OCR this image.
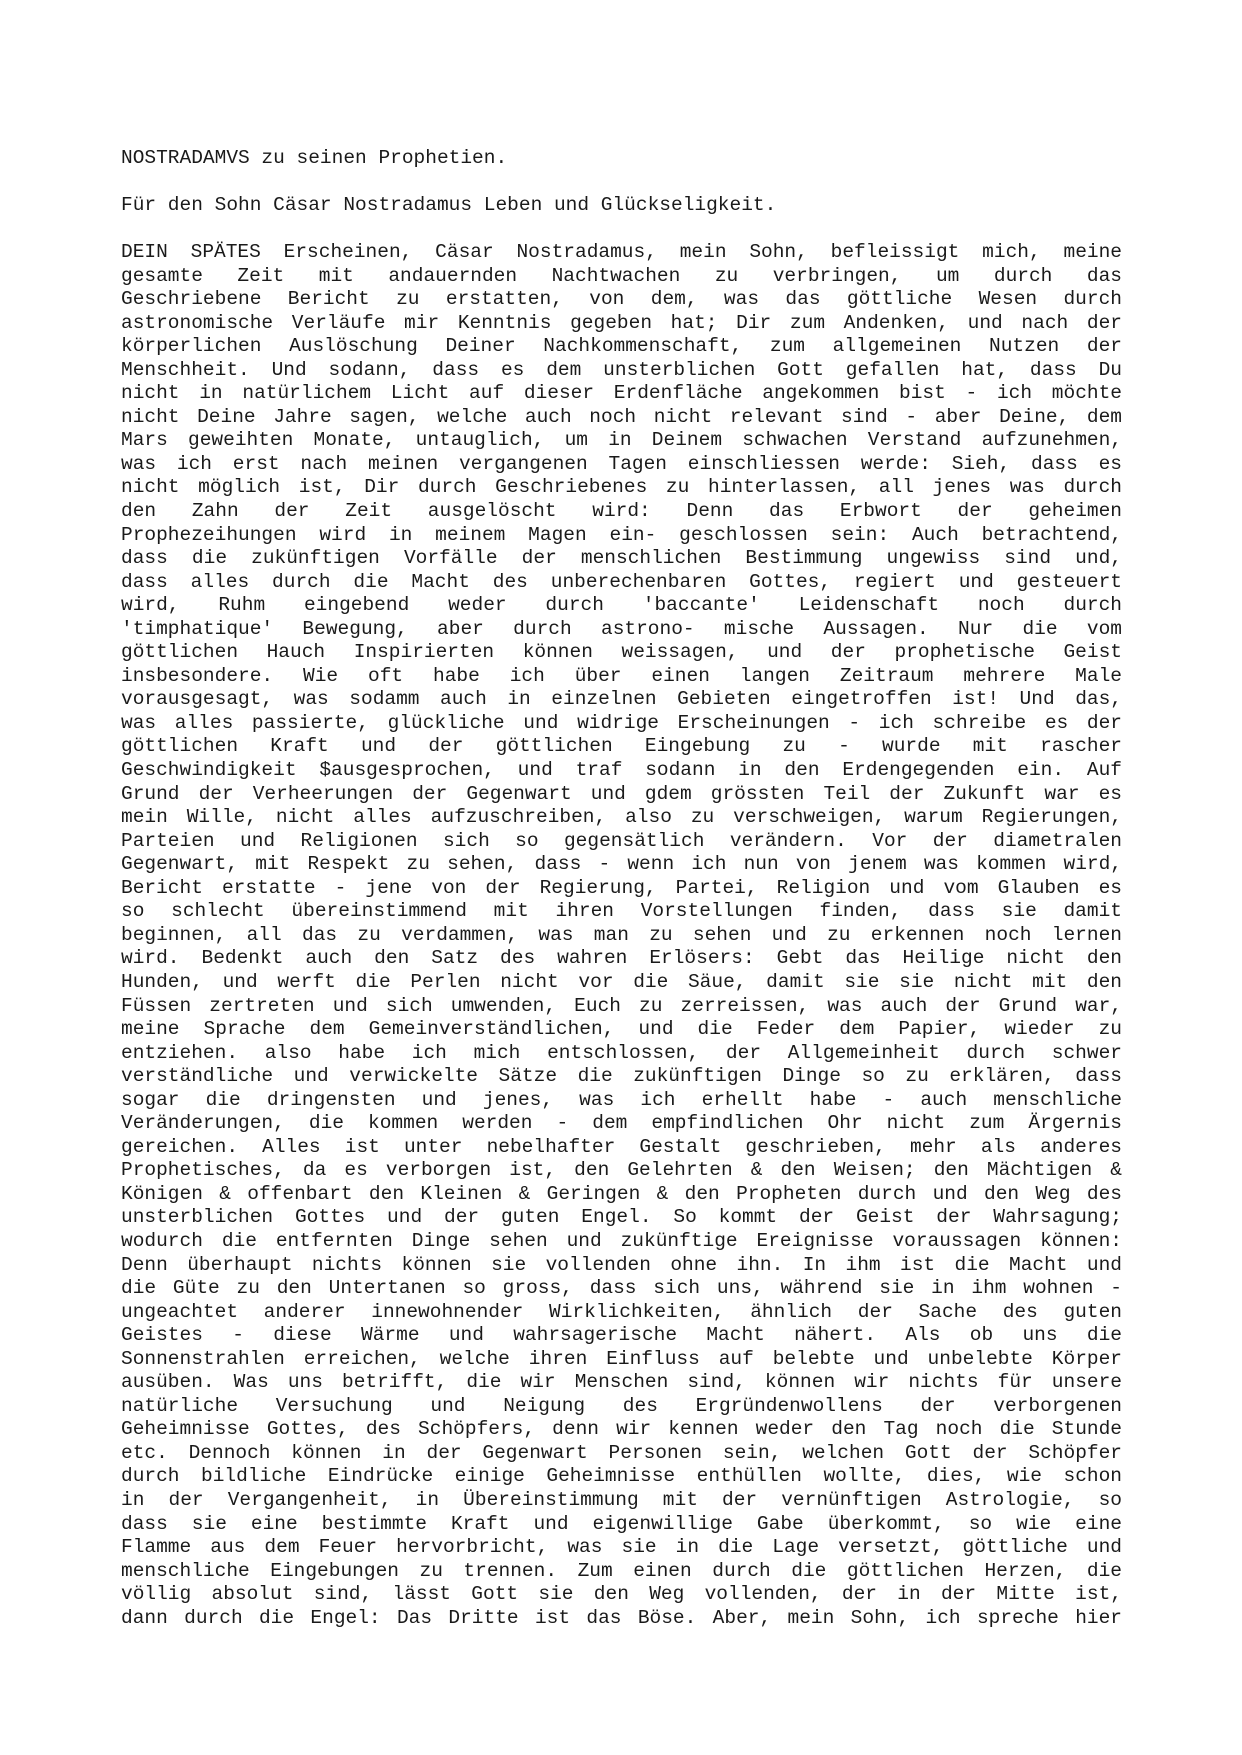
NOSTRADAMVS zu seinen Prophetien.
Für den Sohn Cäsar Nostradamus Leben und Glückseligkeit.
DEIN SPÄTES Erscheinen, Cäsar Nostradamus, mein Sohn, befleissigt mich, meine
gesamte Zeit mit andauernden Nachtwachen zu verbringen, um durch das
Geschriebene Bericht zu erstatten, von dem, was das göttliche Wesen durch
astronomische Verläufe mir Kenntnis gegeben hat; Dir zum Andenken, und nach der
körperlichen Auslöschung Deiner Nachkommenschaft, zum allgemeinen Nutzen der
Menschheit. Und sodann, dass es dem unsterblichen Gott gefallen hat, dass Du
nicht in natürlichem Licht auf dieser Erdenfläche angekommen bist - ich möchte
nicht Deine Jahre sagen, welche auch noch nicht relevant sind - aber Deine, dem
Mars geweihten Monate, untauglich, um in Deinem schwachen Verstand aufzunehmen,
was ich erst nach meinen vergangenen Tagen einschliessen werde: Sieh, dass es
nicht möglich ist, Dir durch Geschriebenes zu hinterlassen, all jenes was durch
den Zahn der Zeit ausgelöscht wird: Denn das Erbwort der geheimen
Prophezeihungen wird in meinem Magen ein- geschlossen sein: Auch betrachtend,
dass die zukünftigen Vorfälle der menschlichen Bestimmung ungewiss sind und,
dass alles durch die Macht des unberechenbaren Gottes, regiert und gesteuert
wird, Ruhm eingebend weder durch 'baccante' Leidenschaft noch durch
'timphatique' Bewegung, aber durch astrono- mische Aussagen. Nur die vom
göttlichen Hauch Inspirierten können weissagen, und der prophetische Geist
insbesondere. Wie oft habe ich über einen langen Zeitraum mehrere Male
vorausgesagt, was sodamm auch in einzelnen Gebieten eingetroffen ist! Und das,
was alles passierte, glückliche und widrige Erscheinungen - ich schreibe es der
göttlichen Kraft und der göttlichen Eingebung zu - wurde mit rascher
Geschwindigkeit $ausgesprochen, und traf sodann in den Erdengegenden ein. Auf
Grund der Verheerungen der Gegenwart und gdem grössten Teil der Zukunft war es
mein Wille, nicht alles aufzuschreiben, also zu verschweigen, warum Regierungen,
Parteien und Religionen sich so gegensätlich verändern. Vor der diametralen
Gegenwart, mit Respekt zu sehen, dass - wenn ich nun von jenem was kommen wird,
Bericht erstatte - jene von der Regierung, Partei, Religion und vom Glauben es
so schlecht übereinstimmend mit ihren Vorstellungen finden, dass sie damit
beginnen, all das zu verdammen, was man zu sehen und zu erkennen noch lernen
wird. Bedenkt auch den Satz des wahren Erlösers: Gebt das Heilige nicht den
Hunden, und werft die Perlen nicht vor die Säue, damit sie sie nicht mit den
Füssen zertreten und sich umwenden, Euch zu zerreissen, was auch der Grund war,
meine Sprache dem Gemeinverständlichen, und die Feder dem Papier, wieder zu
entziehen. also habe ich mich entschlossen, der Allgemeinheit durch schwer
verständliche und verwickelte Sätze die zukünftigen Dinge so zu erklären, dass
sogar die dringensten und jenes, was ich erhellt habe - auch menschliche
Veränderungen, die kommen werden - dem empfindlichen Ohr nicht zum Ärgernis
gereichen. Alles ist unter nebelhafter Gestalt geschrieben, mehr als anderes
Prophetisches, da es verborgen ist, den Gelehrten & den Weisen; den Mächtigen &
Königen & offenbart den Kleinen & Geringen & den Propheten durch und den Weg des
unsterblichen Gottes und der guten Engel. So kommt der Geist der Wahrsagung;
wodurch die entfernten Dinge sehen und zukünftige Ereignisse voraussagen können:
Denn überhaupt nichts können sie vollenden ohne ihn. In ihm ist die Macht und
die Güte zu den Untertanen so gross, dass sich uns, während sie in ihm wohnen -
ungeachtet anderer innewohnender Wirklichkeiten, ähnlich der Sache des guten
Geistes - diese Wärme und wahrsagerische Macht nähert. Als ob uns die
Sonnenstrahlen erreichen, welche ihren Einfluss auf belebte und unbelebte Körper
ausüben. Was uns betrifft, die wir Menschen sind, können wir nichts für unsere
natürliche Versuchung und Neigung des Ergründenwollens der verborgenen
Geheimnisse Gottes, des Schöpfers, denn wir kennen weder den Tag noch die Stunde
etc. Dennoch können in der Gegenwart Personen sein, welchen Gott der Schöpfer
durch bildliche Eindrücke einige Geheimnisse enthüllen wollte, dies, wie schon
in der Vergangenheit, in Übereinstimmung mit der vernünftigen Astrologie, so
dass sie eine bestimmte Kraft und eigenwillige Gabe überkommt, so wie eine
Flamme aus dem Feuer hervorbricht, was sie in die Lage versetzt, göttliche und
menschliche Eingebungen zu trennen. Zum einen durch die göttlichen Herzen, die
völlig absolut sind, lässt Gott sie den Weg vollenden, der in der Mitte ist,
dann durch die Engel: Das Dritte ist das Böse. Aber, mein Sohn, ich spreche hier
